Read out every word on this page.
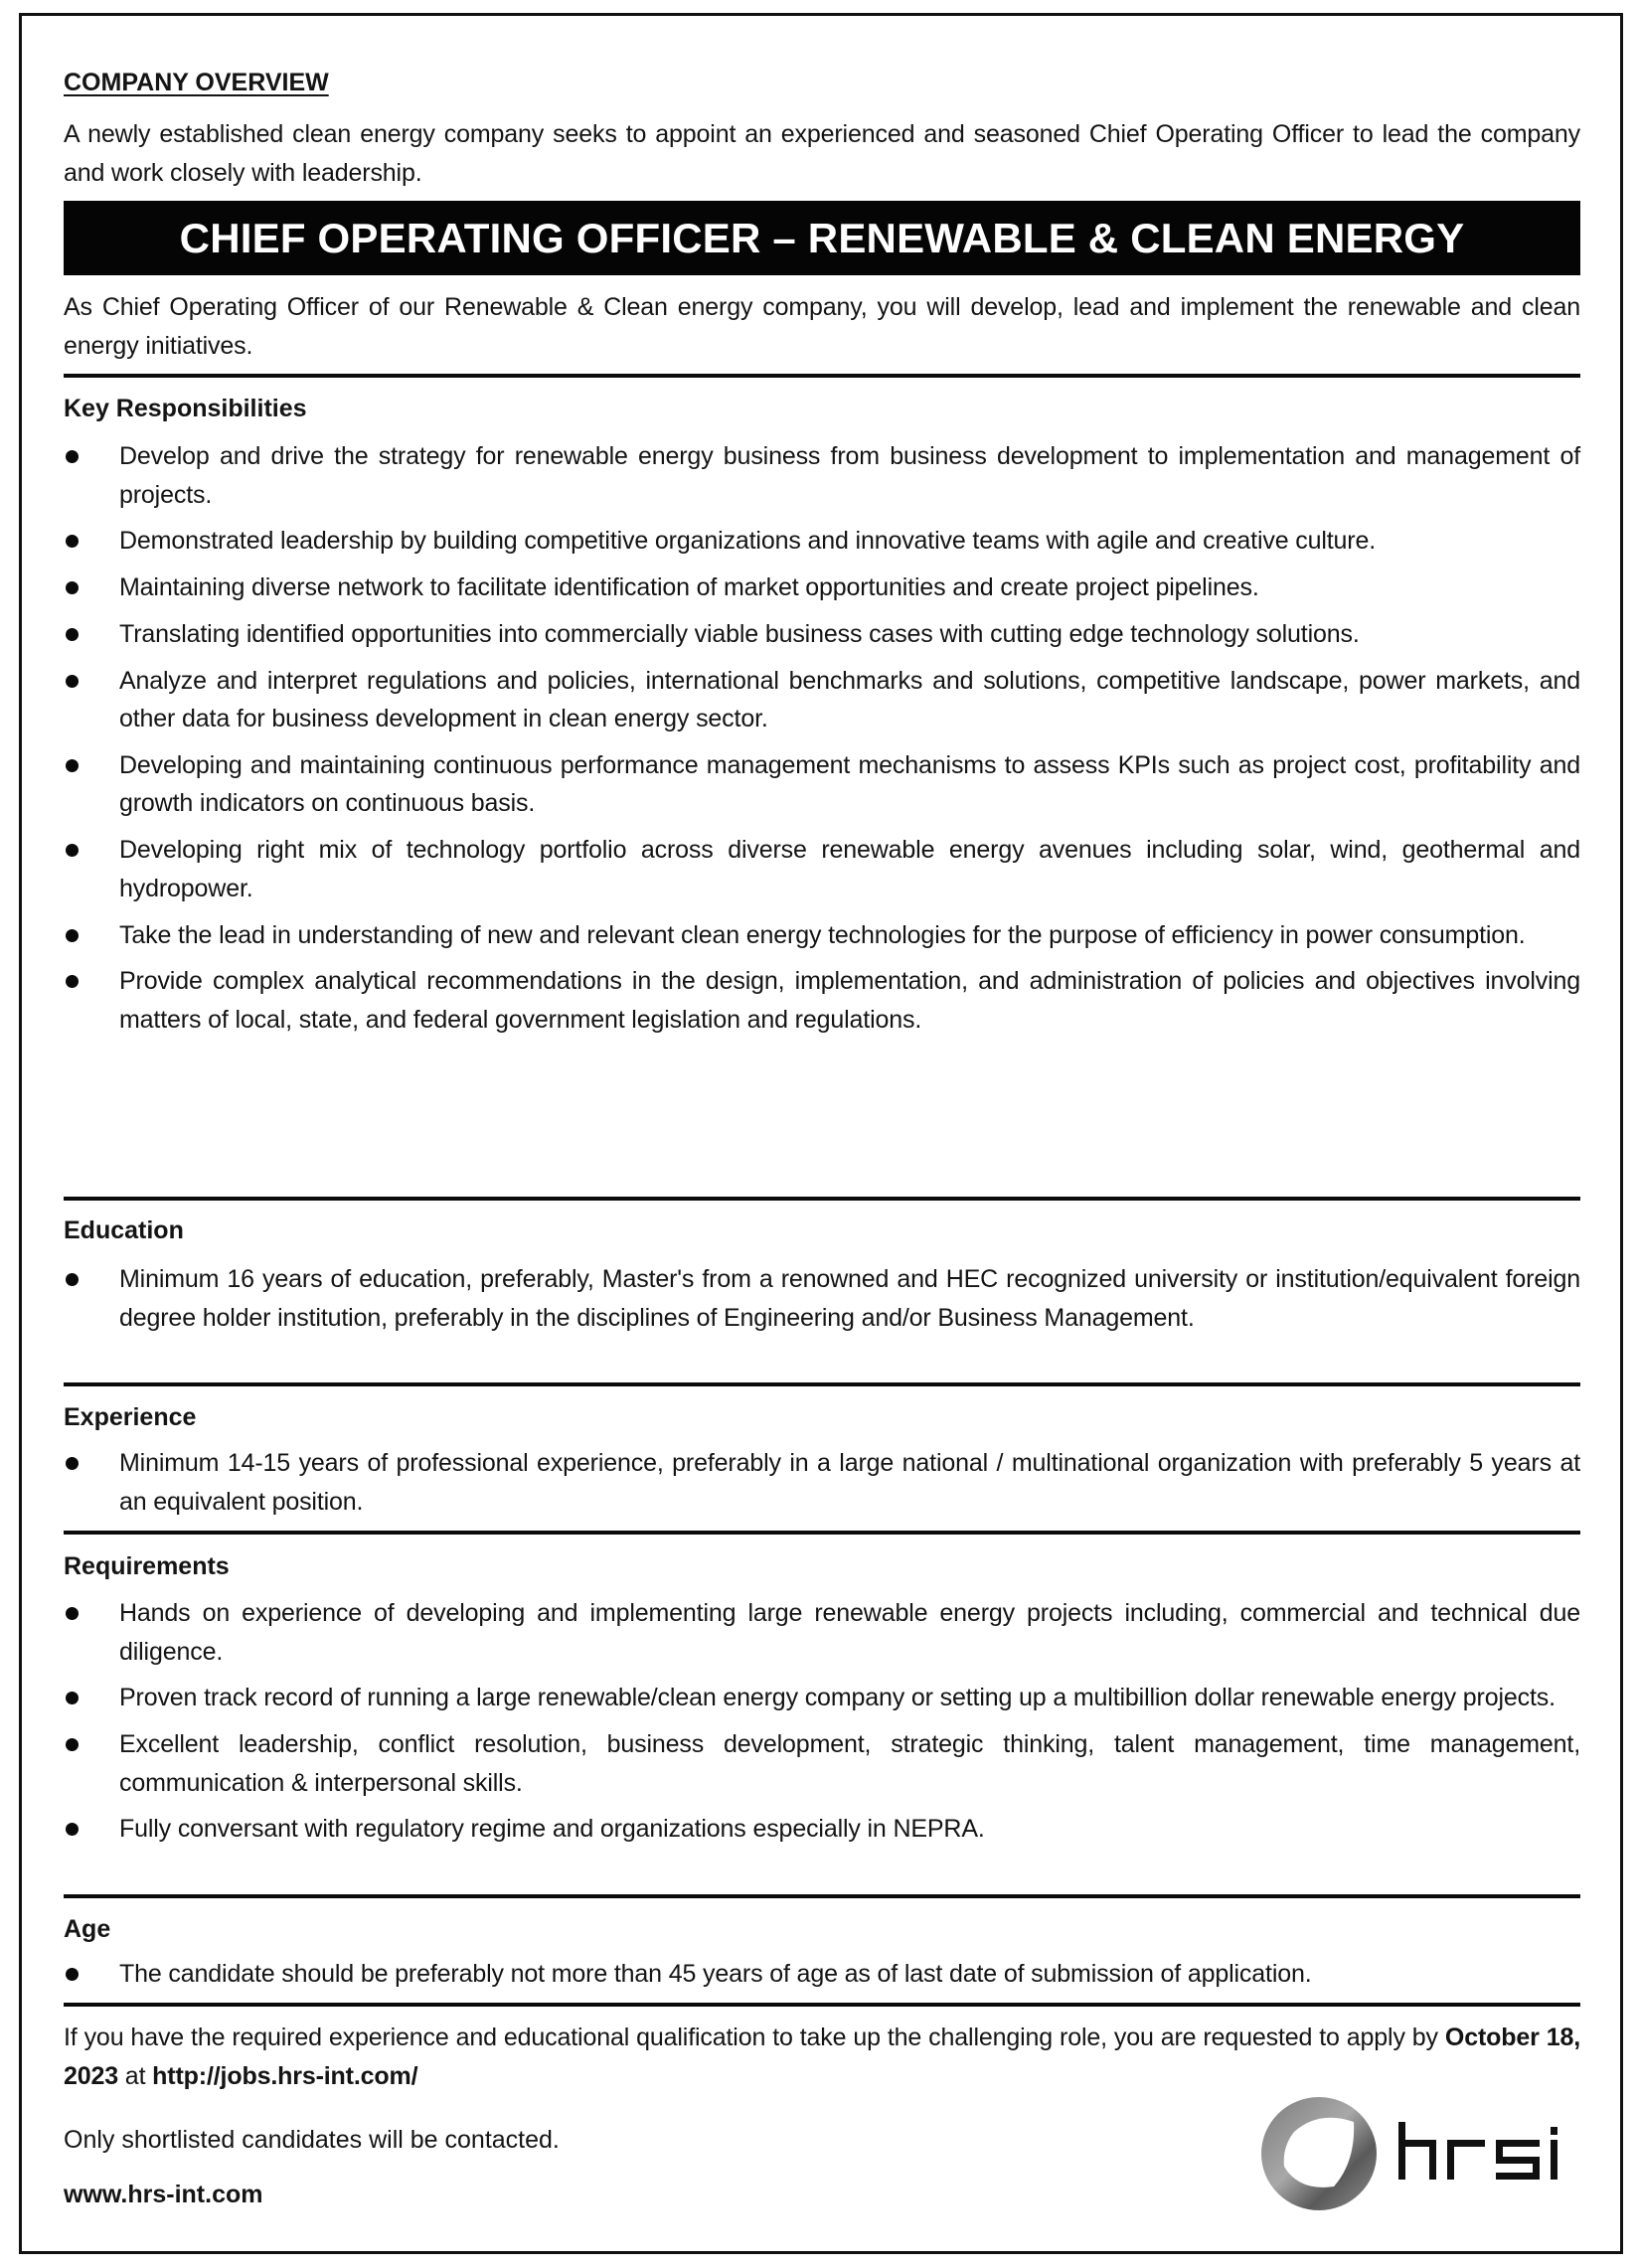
COMPANY OVERVIEW
A newly established clean energy company seeks to appoint an experienced and seasoned Chief Operating Officer to lead the company and work closely with leadership.
CHIEF OPERATING OFFICER – RENEWABLE & CLEAN ENERGY
As Chief Operating Officer of our Renewable & Clean energy company, you will develop, lead and implement the renewable and clean energy initiatives.
Key Responsibilities
Develop and drive the strategy for renewable energy business from business development to implementation and management of projects.
Demonstrated leadership by building competitive organizations and innovative teams with agile and creative culture.
Maintaining diverse network to facilitate identification of market opportunities and create project pipelines.
Translating identified opportunities into commercially viable business cases with cutting edge technology solutions.
Analyze and interpret regulations and policies, international benchmarks and solutions, competitive landscape, power markets, and other data for business development in clean energy sector.
Developing and maintaining continuous performance management mechanisms to assess KPIs such as project cost, profitability and growth indicators on continuous basis.
Developing right mix of technology portfolio across diverse renewable energy avenues including solar, wind, geothermal and hydropower.
Take the lead in understanding of new and relevant clean energy technologies for the purpose of efficiency in power consumption.
Provide complex analytical recommendations in the design, implementation, and administration of policies and objectives involving matters of local, state, and federal government legislation and regulations.
Education
Minimum 16 years of education, preferably, Master's from a renowned and HEC recognized university or institution/equivalent foreign degree holder institution, preferably in the disciplines of Engineering and/or Business Management.
Experience
Minimum 14-15 years of professional experience, preferably in a large national / multinational organization with preferably 5 years at an equivalent position.
Requirements
Hands on experience of developing and implementing large renewable energy projects including, commercial and technical due diligence.
Proven track record of running a large renewable/clean energy company or setting up a multibillion dollar renewable energy projects.
Excellent leadership, conflict resolution, business development, strategic thinking, talent management, time management, communication & interpersonal skills.
Fully conversant with regulatory regime and organizations especially in NEPRA.
Age
The candidate should be preferably not more than 45 years of age as of last date of submission of application.
If you have the required experience and educational qualification to take up the challenging role, you are requested to apply by October 18, 2023 at http://jobs.hrs-int.com/
Only shortlisted candidates will be contacted.
www.hrs-int.com
